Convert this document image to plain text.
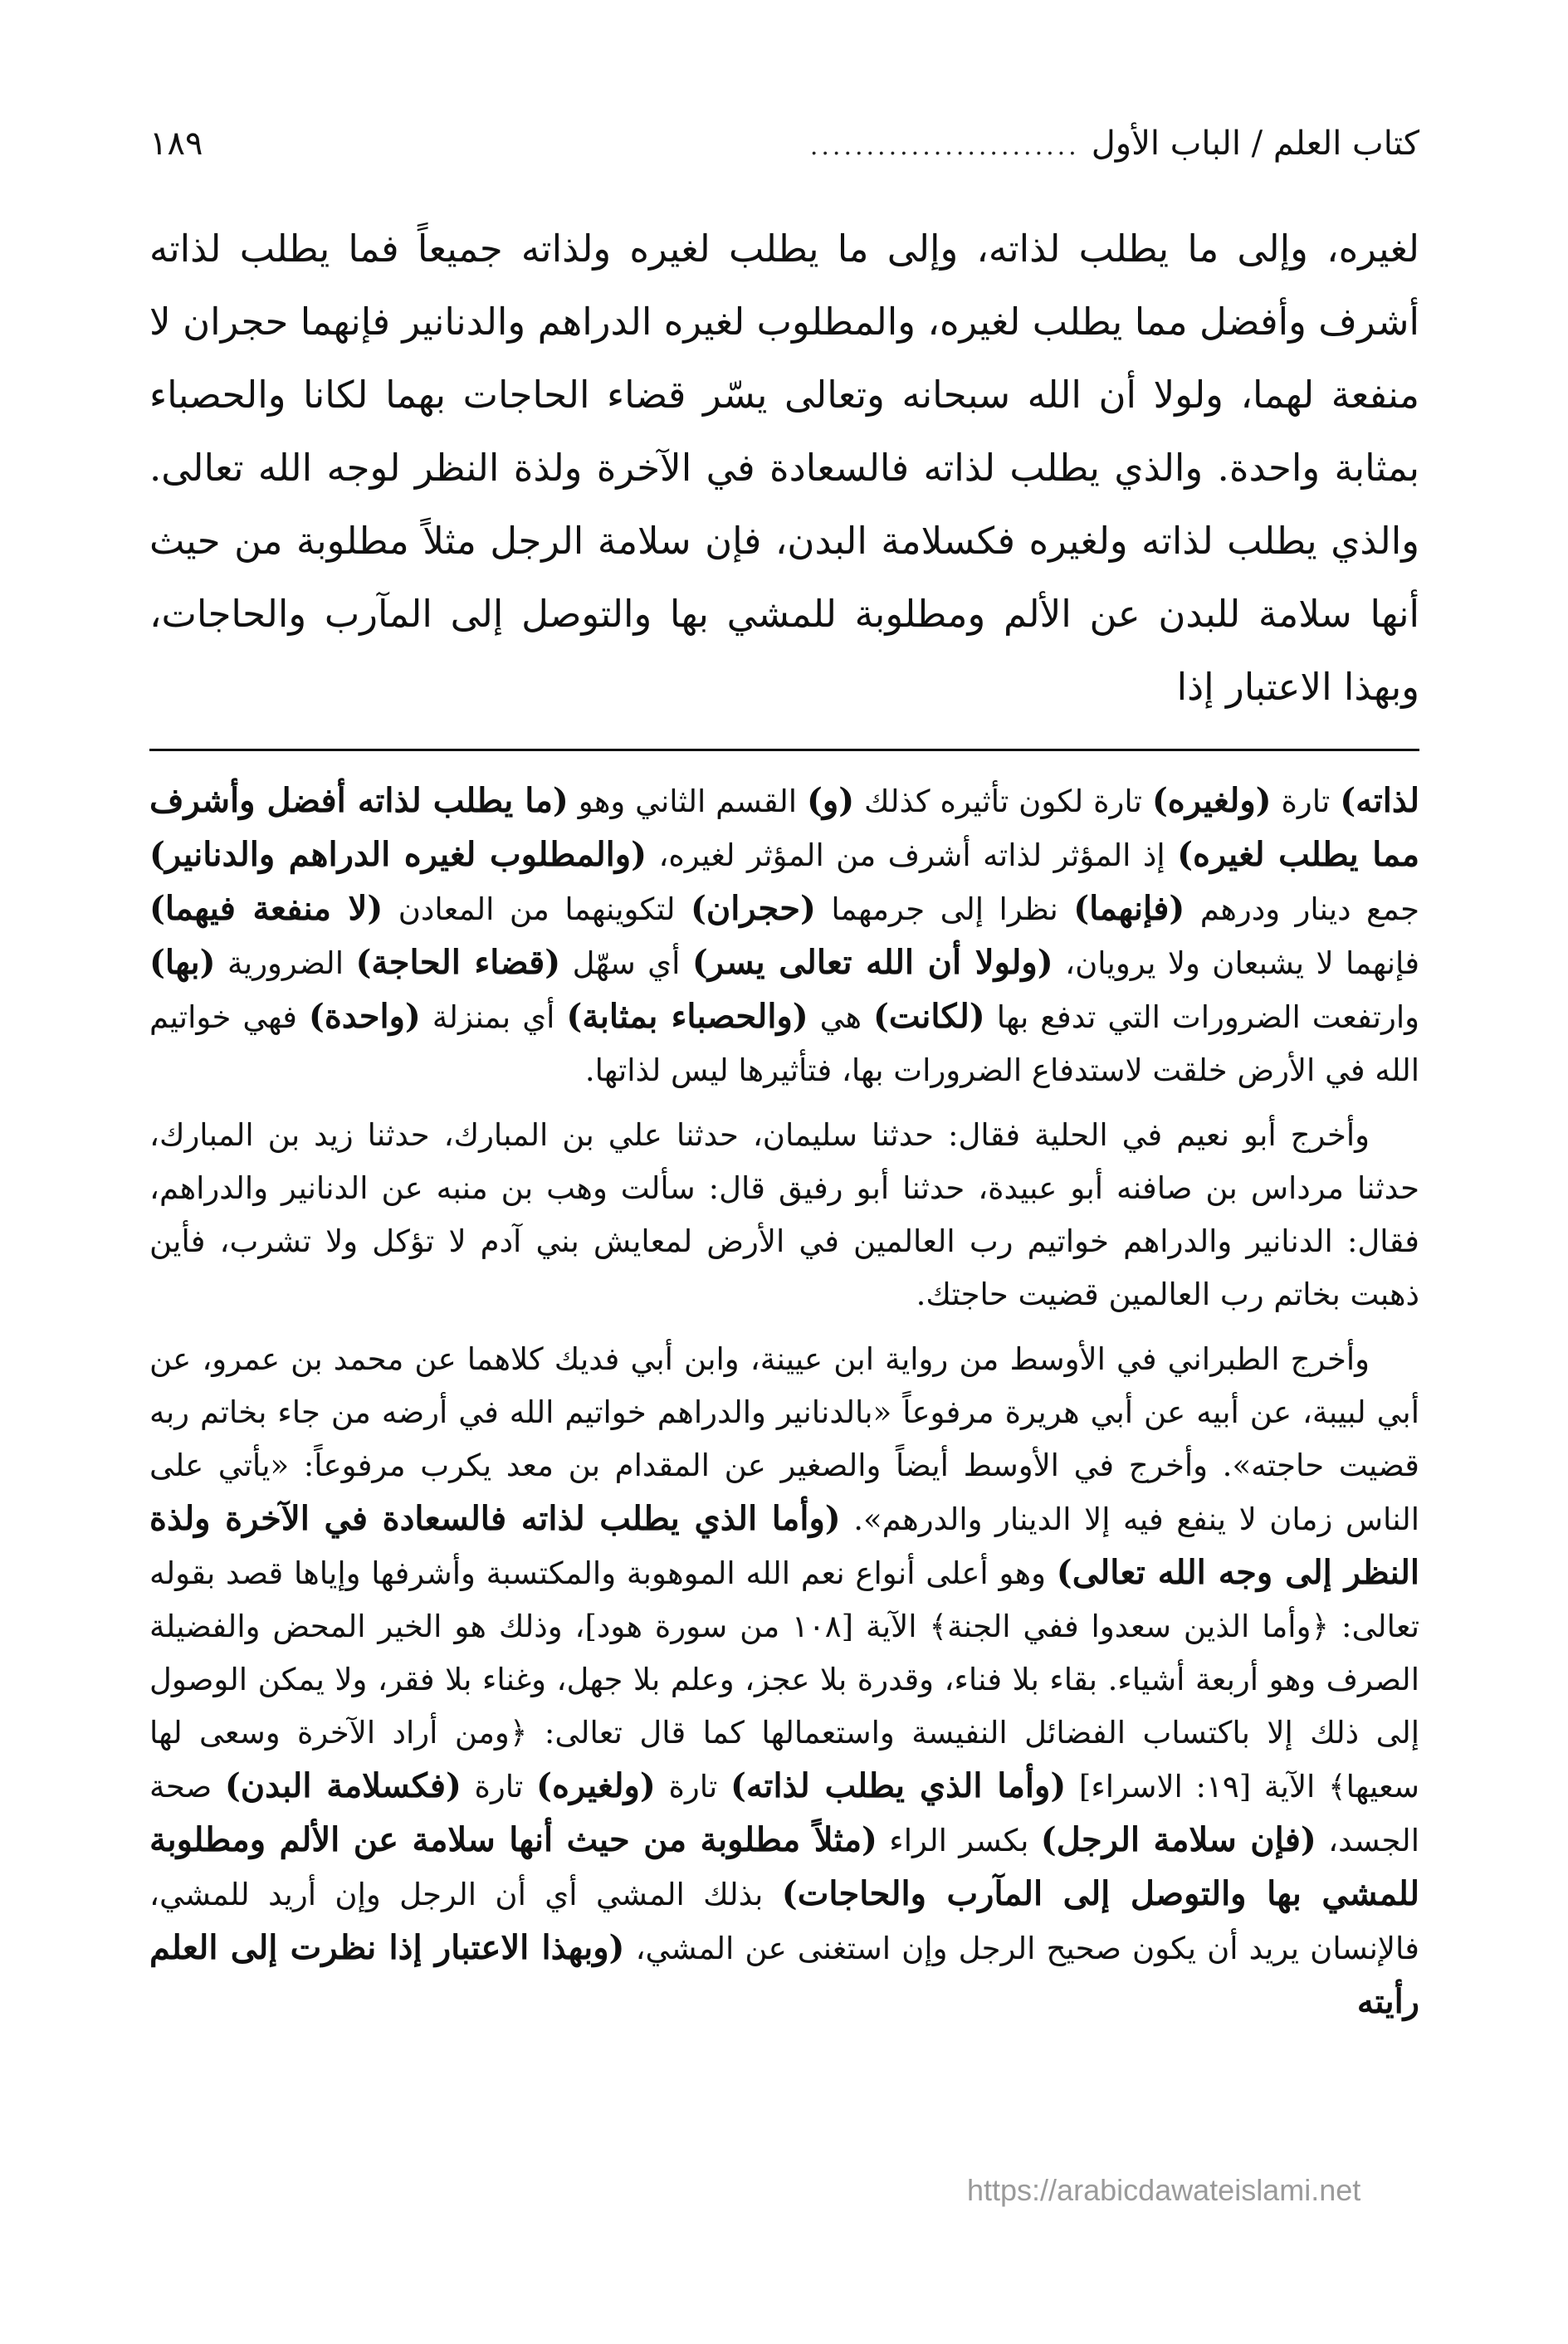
كتاب العلم / الباب الأول
........................
١٨٩

لغيره، وإلى ما يطلب لذاته، وإلى ما يطلب لغيره ولذاته جميعاً فما يطلب لذاته أشرف وأفضل مما يطلب لغيره، والمطلوب لغيره الدراهم والدنانير فإنهما حجران لا منفعة لهما، ولولا أن الله سبحانه وتعالى يسّر قضاء الحاجات بهما لكانا والحصباء بمثابة واحدة. والذي يطلب لذاته فالسعادة في الآخرة ولذة النظر لوجه الله تعالى. والذي يطلب لذاته ولغيره فكسلامة البدن، فإن سلامة الرجل مثلاً مطلوبة من حيث أنها سلامة للبدن عن الألم ومطلوبة للمشي بها والتوصل إلى المآرب والحاجات، وبهذا الاعتبار إذا

لذاته) تارة (ولغيره) تارة لكون تأثيره كذلك (و) القسم الثاني وهو (ما يطلب لذاته أفضل وأشرف مما يطلب لغيره) إذ المؤثر لذاته أشرف من المؤثر لغيره، (والمطلوب لغيره الدراهم والدنانير) جمع دينار ودرهم (فإنهما) نظرا إلى جرمهما (حجران) لتكوينهما من المعادن (لا منفعة فيهما) فإنهما لا يشبعان ولا يرويان، (ولولا أن الله تعالى يسر) أي سهّل (قضاء الحاجة) الضرورية (بها) وارتفعت الضرورات التي تدفع بها (لكانت) هي (والحصباء بمثابة) أي بمنزلة (واحدة) فهي خواتيم الله في الأرض خلقت لاستدفاع الضرورات بها، فتأثيرها ليس لذاتها.

وأخرج أبو نعيم في الحلية فقال: حدثنا سليمان، حدثنا علي بن المبارك، حدثنا زيد بن المبارك، حدثنا مرداس بن صافنه أبو عبيدة، حدثنا أبو رفيق قال: سألت وهب بن منبه عن الدنانير والدراهم، فقال: الدنانير والدراهم خواتيم رب العالمين في الأرض لمعايش بني آدم لا تؤكل ولا تشرب، فأين ذهبت بخاتم رب العالمين قضيت حاجتك.

وأخرج الطبراني في الأوسط من رواية ابن عيينة، وابن أبي فديك كلاهما عن محمد بن عمرو، عن أبي لبيبة، عن أبيه عن أبي هريرة مرفوعاً «بالدنانير والدراهم خواتيم الله في أرضه من جاء بخاتم ربه قضيت حاجته». وأخرج في الأوسط أيضاً والصغير عن المقدام بن معد يكرب مرفوعاً: «يأتي على الناس زمان لا ينفع فيه إلا الدينار والدرهم». (وأما الذي يطلب لذاته فالسعادة في الآخرة ولذة النظر إلى وجه الله تعالى) وهو أعلى أنواع نعم الله الموهوبة والمكتسبة وأشرفها وإياها قصد بقوله تعالى: ﴿وأما الذين سعدوا ففي الجنة﴾ الآية [١٠٨ من سورة هود]، وذلك هو الخير المحض والفضيلة الصرف وهو أربعة أشياء. بقاء بلا فناء، وقدرة بلا عجز، وعلم بلا جهل، وغناء بلا فقر، ولا يمكن الوصول إلى ذلك إلا باكتساب الفضائل النفيسة واستعمالها كما قال تعالى: ﴿ومن أراد الآخرة وسعى لها سعيها﴾ الآية [١٩: الاسراء] (وأما الذي يطلب لذاته) تارة (ولغيره) تارة (فكسلامة البدن) صحة الجسد، (فإن سلامة الرجل) بكسر الراء (مثلاً مطلوبة من حيث أنها سلامة عن الألم ومطلوبة للمشي بها والتوصل إلى المآرب والحاجات) بذلك المشي أي أن الرجل وإن أريد للمشي، فالإنسان يريد أن يكون صحيح الرجل وإن استغنى عن المشي، (وبهذا الاعتبار إذا نظرت إلى العلم رأيته

https://arabicdawateislami.net
